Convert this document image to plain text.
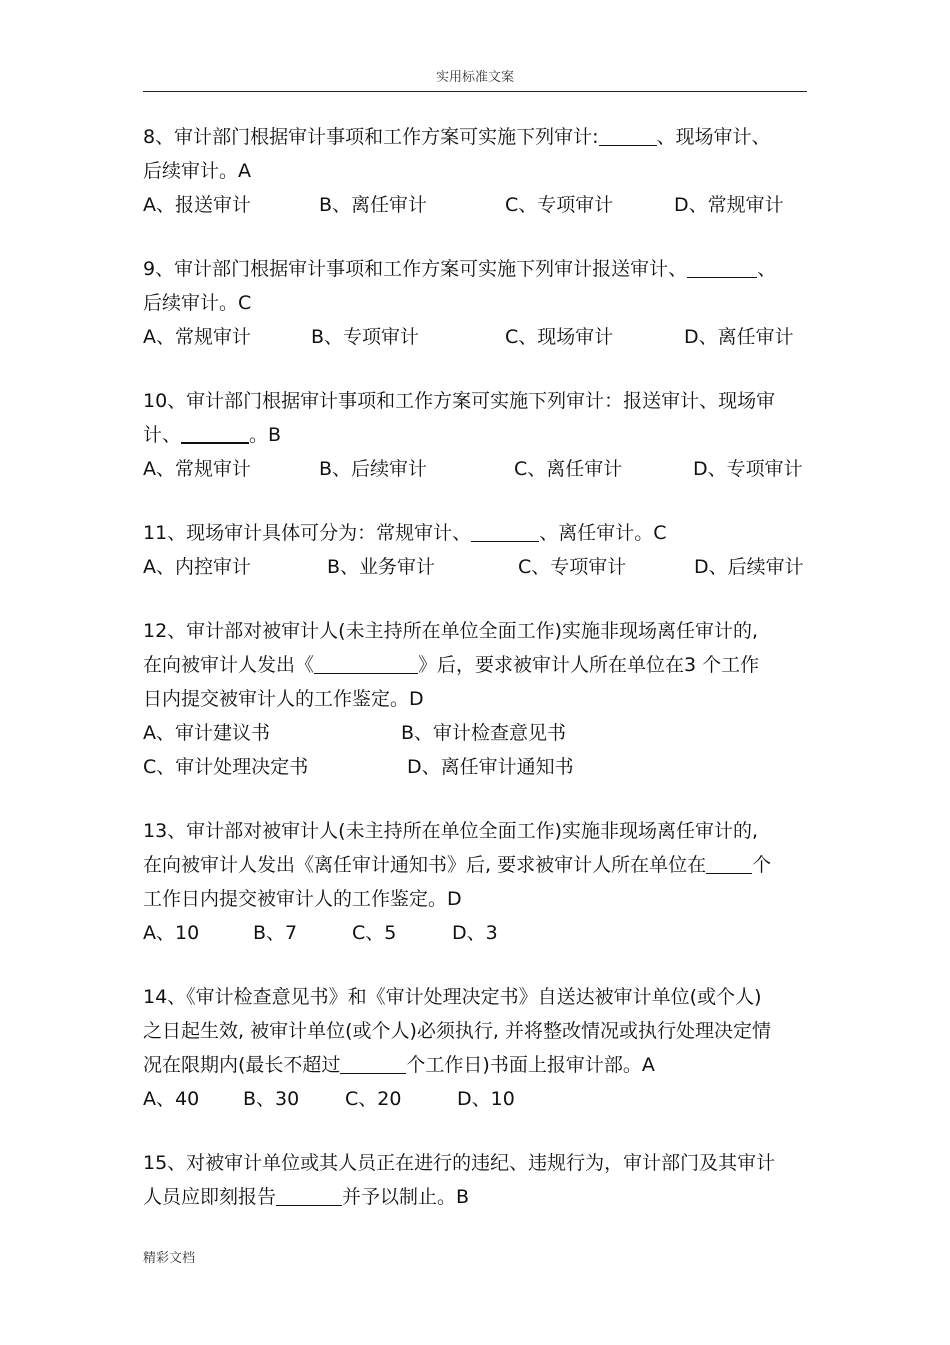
实用标准文案

8、审计部门根据审计事项和工作方案可实施下列审计:	、现场审计、

后续审计。A

A、报送审计	B、离任审计	C、专项审计	D、常规审计

9、审计部门根据审计事项和工作方案可实施下列审计报送审计、	、

后续审计。C

A、常规审计	B、专项审计	C、现场审计	D、离任审计

10、审计部门根据审计事项和工作方案可实施下列审计：报送审计、现场审

计、	。B

A、常规审计	B、后续审计	C、离任审计	D、专项审计

11、现场审计具体可分为：常规审计、	、离任审计。C

A、内控审计	B、业务审计	C、专项审计	D、后续审计

12、审计部对被审计人(未主持所在单位全面工作)实施非现场离任审计的,

在向被审计人发出《	》后，要求被审计人所在单位在3 个工作

日内提交被审计人的工作鉴定。D

A、审计建议书	B、审计检查意见书
C、审计处理决定书	D、离任审计通知书

13、审计部对被审计人(未主持所在单位全面工作)实施非现场离任审计的,

在向被审计人发出《离任审计通知书》后, 要求被审计人所在单位在 个

工作日内提交被审计人的工作鉴定。D

A、10	B、7	C、5	D、3

14、《审计检查意见书》和《审计处理决定书》自送达被审计单位(或个人)

之日起生效, 被审计单位(或个人)必须执行, 并将整改情况或执行处理决定情

况在限期内(最长不超过	个工作日)书面上报审计部。A

A、40 B、30 C、20	D、10

15、对被审计单位或其人员正在进行的违纪、违规行为，审计部门及其审计

人员应即刻报告	并予以制止。B

精彩文档
